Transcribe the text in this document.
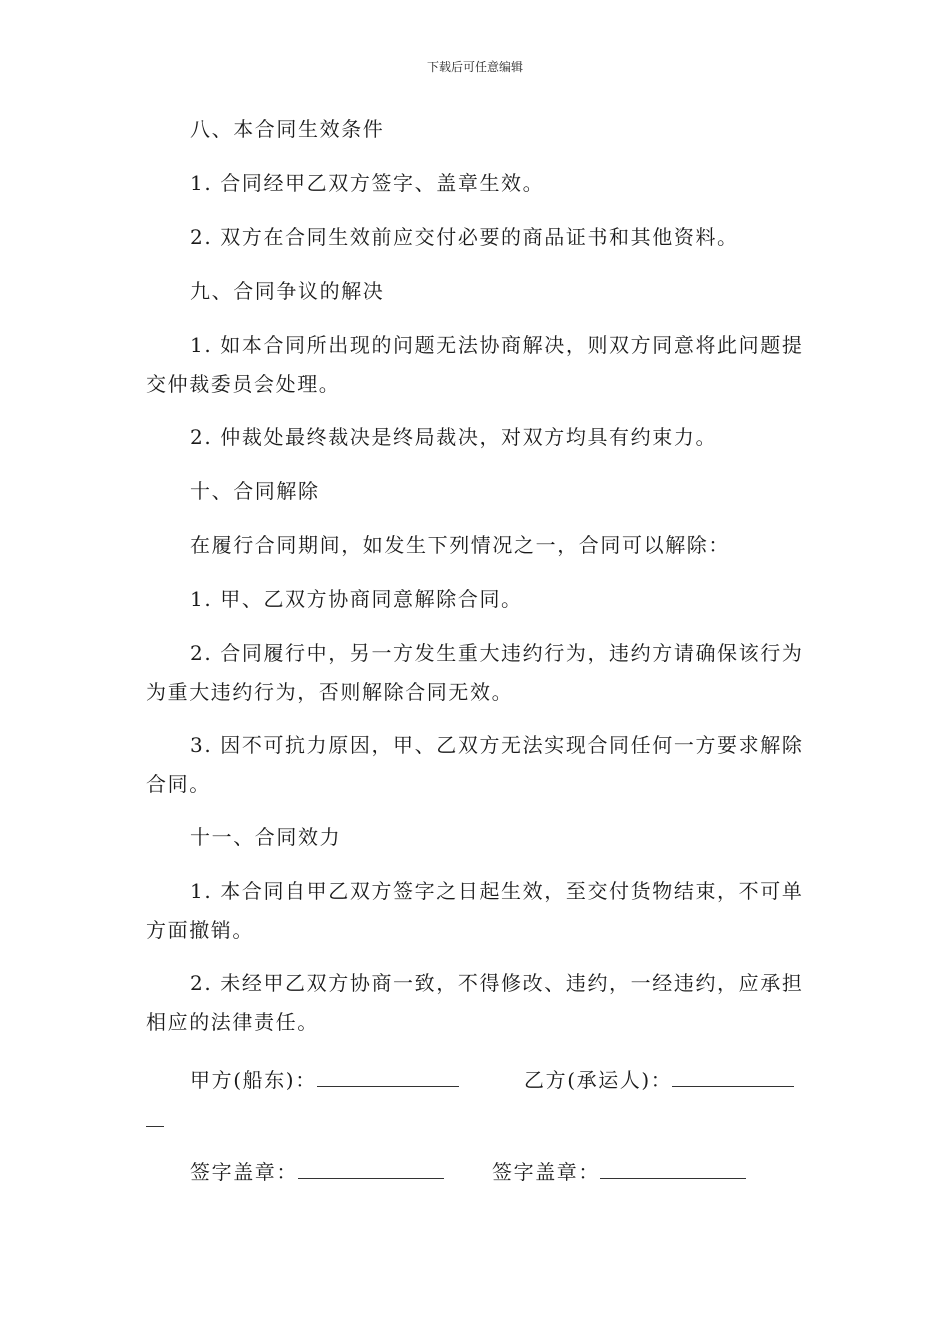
下载后可任意编辑
八、本合同生效条件
1. 合同经甲乙双方签字、盖章生效。
2. 双方在合同生效前应交付必要的商品证书和其他资料。
九、合同争议的解决
1. 如本合同所出现的问题无法协商解决，则双方同意将此问题提交仲裁委员会处理。
2. 仲裁处最终裁决是终局裁决，对双方均具有约束力。
十、合同解除
在履行合同期间，如发生下列情况之一，合同可以解除：
1. 甲、乙双方协商同意解除合同。
2. 合同履行中，另一方发生重大违约行为，违约方请确保该行为为重大违约行为，否则解除合同无效。
3. 因不可抗力原因，甲、乙双方无法实现合同任何一方要求解除合同。
十一、合同效力
1. 本合同自甲乙双方签字之日起生效，至交付货物结束，不可单方面撤销。
2. 未经甲乙双方协商一致，不得修改、违约，一经违约，应承担相应的法律责任。
甲方(船东)：	乙方(承运人)：
签字盖章：	签字盖章：
